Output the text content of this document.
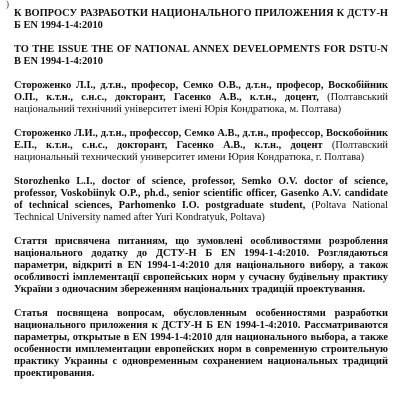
)

К ВОПРОСУ РАЗРАБОТКИ НАЦИОНАЛЬНОГО ПРИЛОЖЕНИЯ К ДСТУ-Н Б EN 1994-1-4:2010

TO THE ISSUE THE OF NATIONAL ANNEX DEVELOPMENTS FOR DSTU-N B EN 1994-1-4:2010

Стороженко Л.І., д.т.н., професор, Семко О.В., д.т.н., професор, Воскобійник О.П., к.т.н., с.н.с., докторант, Гасенко А.В., к.т.н., доцент, (Полтавський національний технічний університет імені Юрія Кондратюка, м. Полтава)
Стороженко Л.И., д.т.н., профессор, Семко А.В., д.т.н., профессор, Воскобойник Е.П., к.т.н., с.н.с., докторант, Гасенко А.В., к.т.н., доцент (Полтавский национальный технический университет имени Юрия Кондратюка, г. Полтава)
Storozhenko L.I., doctor of science, professor, Semko O.V. doctor of science, professor, Voskobiinyk O.P., ph.d., senior scientific officer, Gasenko A.V. candidate of technical sciences, Parhomenko I.O. postgraduate student, (Poltava National Technical University named after Yuri Kondratyuk, Poltava)

Стаття присвячена питанням, що зумовлені особливостями розроблення національного додатку до ДСТУ-Н Б EN 1994-1-4:2010. Розглядаються параметри, відкриті в EN 1994-1-4:2010 для національного вибору, а також особливості імплементації європейських норм у сучасну будівельну практику України з одночасним збереженням національних традицій проектування.

Статья посвящена вопросам, обусловленным особенностями разработки национального приложения к ДСТУ-Н Б EN 1994-1-4:2010. Рассматриваются параметры, открытые в EN 1994-1-4:2010 для национального выбора, а также особенности имплементации европейских норм в современную строительную практику Украины с одновременным сохранением национальных традиций проектирования.
